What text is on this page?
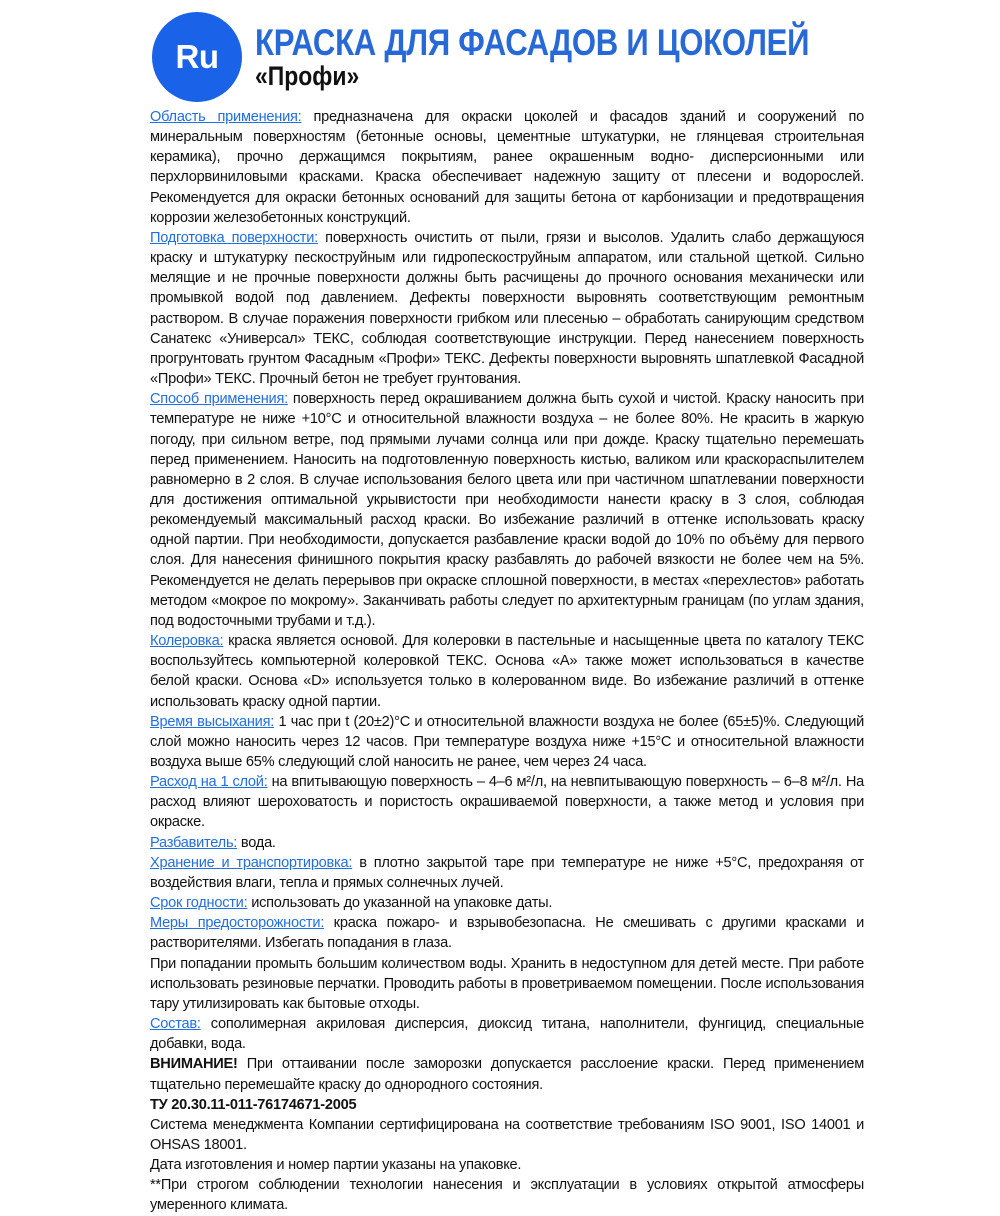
Ru КРАСКА ДЛЯ ФАСАДОВ И ЦОКОЛЕЙ
«Профи»

Область применения: предназначена для окраски цоколей и фасадов зданий и сооружений по минеральным поверхностям (бетонные основы, цементные штукатурки, не глянцевая строительная керамика), прочно держащимся покрытиям, ранее окрашенным водно- дисперсионными или перхлорвиниловыми красками. Краска обеспечивает надежную защиту от плесени и водорослей. Рекомендуется для окраски бетонных оснований для защиты бетона от карбонизации и предотвращения коррозии железобетонных конструкций.

Подготовка поверхности: поверхность очистить от пыли, грязи и высолов. Удалить слабо держащуюся краску и штукатурку пескоструйным или гидропескоструйным аппаратом, или стальной щеткой. Сильно мелящие и не прочные поверхности должны быть расчищены до прочного основания механически или промывкой водой под давлением. Дефекты поверхности выровнять соответствующим ремонтным раствором. В случае поражения поверхности грибком или плесенью – обработать санирующим средством Санатекс «Универсал» ТЕКС, соблюдая соответствующие инструкции. Перед нанесением поверхность прогрунтовать грунтом Фасадным «Профи» ТЕКС. Дефекты поверхности выровнять шпатлевкой Фасадной «Профи» ТЕКС. Прочный бетон не требует грунтования.

Способ применения: поверхность перед окрашиванием должна быть сухой и чистой. Краску наносить при температуре не ниже +10°С и относительной влажности воздуха – не более 80%. Не красить в жаркую погоду, при сильном ветре, под прямыми лучами солнца или при дожде. Краску тщательно перемешать перед применением. Наносить на подготовленную поверхность кистью, валиком или краскораспылителем равномерно в 2 слоя. В случае использования белого цвета или при частичном шпатлевании поверхности для достижения оптимальной укрывистости при необходимости нанести краску в 3 слоя, соблюдая рекомендуемый максимальный расход краски. Во избежание различий в оттенке использовать краску одной партии. При необходимости, допускается разбавление краски водой до 10% по объёму для первого слоя. Для нанесения финишного покрытия краску разбавлять до рабочей вязкости не более чем на 5%. Рекомендуется не делать перерывов при окраске сплошной поверхности, в местах «перехлестов» работать методом «мокрое по мокрому». Заканчивать работы следует по архитектурным границам (по углам здания, под водосточными трубами и т.д.).

Колеровка: краска является основой. Для колеровки в пастельные и насыщенные цвета по каталогу ТЕКС воспользуйтесь компьютерной колеровкой ТЕКС. Основа «А» также может использоваться в качестве белой краски. Основа «D» используется только в колерованном виде. Во избежание различий в оттенке использовать краску одной партии.

Время высыхания: 1 час при t (20±2)°С и относительной влажности воздуха не более (65±5)%. Следующий слой можно наносить через 12 часов. При температуре воздуха ниже +15°С и относительной влажности воздуха выше 65% следующий слой наносить не ранее, чем через 24 часа.

Расход на 1 слой: на впитывающую поверхность – 4–6 м²/л, на невпитывающую поверхность – 6–8 м²/л. На расход влияют шероховатость и пористость окрашиваемой поверхности, а также метод и условия при окраске.

Разбавитель: вода.

Хранение и транспортировка: в плотно закрытой таре при температуре не ниже +5°С, предохраняя от воздействия влаги, тепла и прямых солнечных лучей.

Срок годности: использовать до указанной на упаковке даты.

Меры предосторожности: краска пожаро- и взрывобезопасна. Не смешивать с другими красками и растворителями. Избегать попадания в глаза.

При попадании промыть большим количеством воды. Хранить в недоступном для детей месте. При работе использовать резиновые перчатки. Проводить работы в проветриваемом помещении. После использования тару утилизировать как бытовые отходы.

Состав: сополимерная акриловая дисперсия, диоксид титана, наполнители, фунгицид, специальные добавки, вода.

ВНИМАНИЕ! При оттаивании после заморозки допускается расслоение краски. Перед применением тщательно перемешайте краску до однородного состояния.

ТУ 20.30.11-011-76174671-2005

Система менеджмента Компании сертифицирована на соответствие требованиям ISO 9001, ISO 14001 и OHSAS 18001.

Дата изготовления и номер партии указаны на упаковке.

**При строгом соблюдении технологии нанесения и эксплуатации в условиях открытой атмосферы умеренного климата.
